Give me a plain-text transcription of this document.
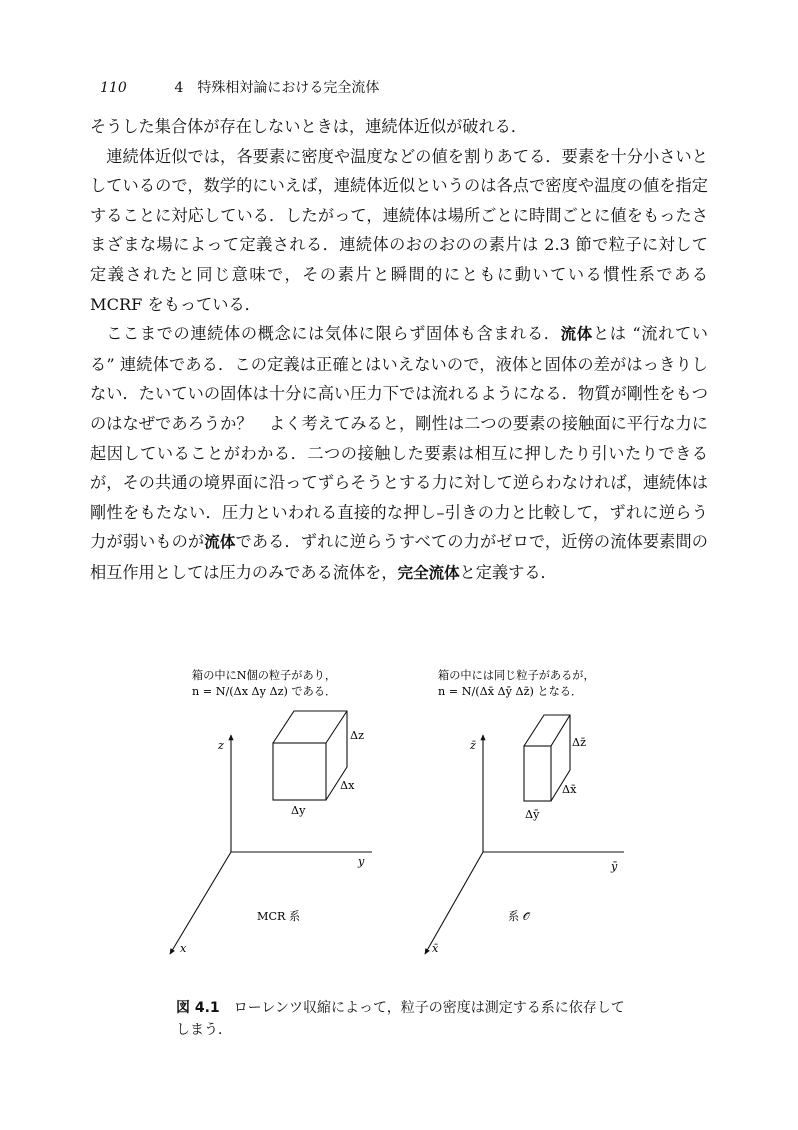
110	4　特殊相対論における完全流体

そうした集合体が存在しないときは，連続体近似が破れる．

連続体近似では，各要素に密度や温度などの値を割りあてる．要素を十分小さいとしているので，数学的にいえば，連続体近似というのは各点で密度や温度の値を指定することに対応している．したがって，連続体は場所ごとに時間ごとに値をもったさまざまな場によって定義される．連続体のおのおのの素片は 2.3 節で粒子に対して定義されたと同じ意味で，その素片と瞬間的にともに動いている慣性系である MCRF をもっている．

ここまでの連続体の概念には気体に限らず固体も含まれる．流体とは “流れている” 連続体である．この定義は正確とはいえないので，液体と固体の差がはっきりしない．たいていの固体は十分に高い圧力下では流れるようになる．物質が剛性をもつのはなぜであろうか？　よく考えてみると，剛性は二つの要素の接触面に平行な力に起因していることがわかる．二つの接触した要素は相互に押したり引いたりできるが，その共通の境界面に沿ってずらそうとする力に対して逆らわなければ，連続体は剛性をもたない．圧力といわれる直接的な押し–引きの力と比較して，ずれに逆らう力が弱いものが流体である．ずれに逆らうすべての力がゼロで，近傍の流体要素間の相互作用としては圧力のみである流体を，完全流体と定義する．

箱の中にN個の粒子があり，
n = N/(Δx Δy Δz) である．
z
y
x
Δz
Δx
Δy
MCR 系
箱の中には同じ粒子があるが，
n = N/(Δx̄ Δȳ Δz̄) となる．
z̄
ȳ
x̄
Δz̄
Δx̄
Δȳ
系 𝒪̄
図 4.1 ローレンツ収縮によって，粒子の密度は測定する系に依存してしまう．
